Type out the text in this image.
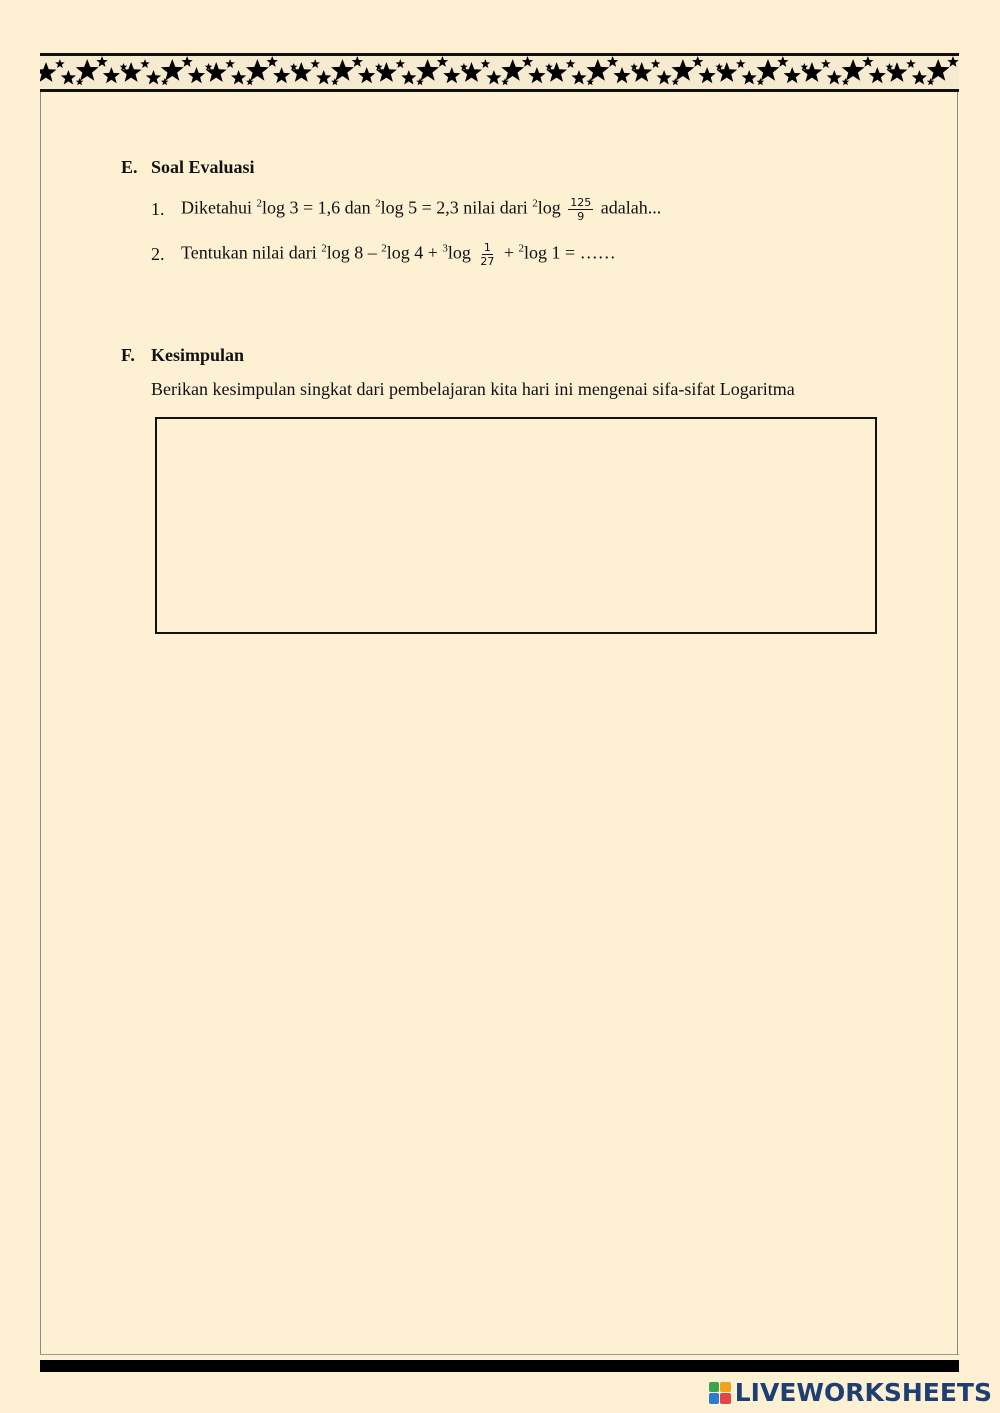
E. Soal Evaluasi
1. Diketahui $^2$log 3 = 1,6 dan $^2$log 5 = 2,3 nilai dari $^2\log \frac{125}{9}$ adalah...
2. Tentukan nilai dari $^2$log 8 – $^2$log $4 + ^3\log \frac{1}{27} + ^2\log$ 1 = ……
F. Kesimpulan
Berikan kesimpulan singkat dari pembelajaran kita hari ini mengenai sifa-sifat Logaritma
LIVEWORKSHEETS
